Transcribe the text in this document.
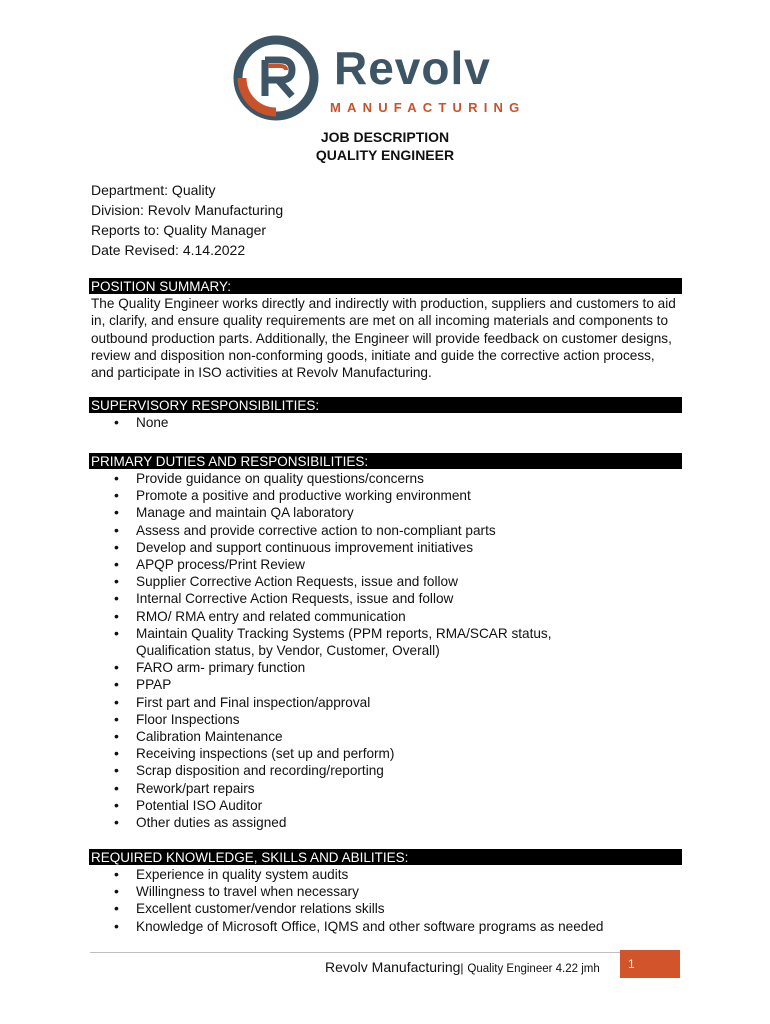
Revolv
MANUFACTURING
JOB DESCRIPTION
QUALITY ENGINEER
Department: Quality
Division: Revolv Manufacturing
Reports to: Quality Manager
Date Revised: 4.14.2022
POSITION SUMMARY:
The Quality Engineer works directly and indirectly with production, suppliers and customers to aid in, clarify, and ensure quality requirements are met on all incoming materials and components to outbound production parts. Additionally, the Engineer will provide feedback on customer designs, review and disposition non-conforming goods, initiate and guide the corrective action process, and participate in ISO activities at Revolv Manufacturing.
SUPERVISORY RESPONSIBILITIES:
• None
PRIMARY DUTIES AND RESPONSIBILITIES:
• Provide guidance on quality questions/concerns
• Promote a positive and productive working environment
• Manage and maintain QA laboratory
• Assess and provide corrective action to non-compliant parts
• Develop and support continuous improvement initiatives
• APQP process/Print Review
• Supplier Corrective Action Requests, issue and follow
• Internal Corrective Action Requests, issue and follow
• RMO/ RMA entry and related communication
• Maintain Quality Tracking Systems (PPM reports, RMA/SCAR status, Qualification status, by Vendor, Customer, Overall)
• FARO arm- primary function
• PPAP
• First part and Final inspection/approval
• Floor Inspections
• Calibration Maintenance
• Receiving inspections (set up and perform)
• Scrap disposition and recording/reporting
• Rework/part repairs
• Potential ISO Auditor
• Other duties as assigned
REQUIRED KNOWLEDGE, SKILLS AND ABILITIES:
• Experience in quality system audits
• Willingness to travel when necessary
• Excellent customer/vendor relations skills
• Knowledge of Microsoft Office, IQMS and other software programs as needed
Revolv Manufacturing| Quality Engineer 4.22 jmh	1
